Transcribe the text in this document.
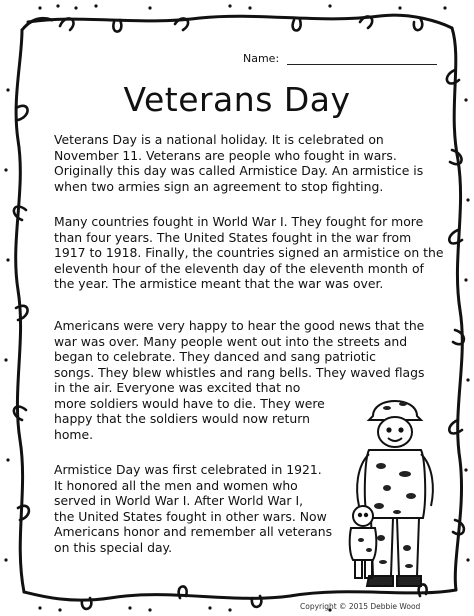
Name:
Veterans Day
Veterans Day is a national holiday. It is celebrated on
November 11. Veterans are people who fought in wars.
Originally this day was called Armistice Day. An armistice is
when two armies sign an agreement to stop fighting.
Many countries fought in World War I. They fought for more
than four years. The United States fought in the war from
1917 to 1918. Finally, the countries signed an armistice on the
eleventh hour of the eleventh day of the eleventh month of
the year. The armistice meant that the war was over.
Americans were very happy to hear the good news that the
war was over. Many people went out into the streets and
began to celebrate. They danced and sang patriotic
songs. They blew whistles and rang bells. They waved flags
in the air. Everyone was excited that no
more soldiers would have to die. They were
happy that the soldiers would now return
home.
Armistice Day was first celebrated in 1921.
It honored all the men and women who
served in World War I. After World War I,
the United States fought in other wars. Now
Americans honor and remember all veterans
on this special day.
Copyright © 2015 Debbie Wood
